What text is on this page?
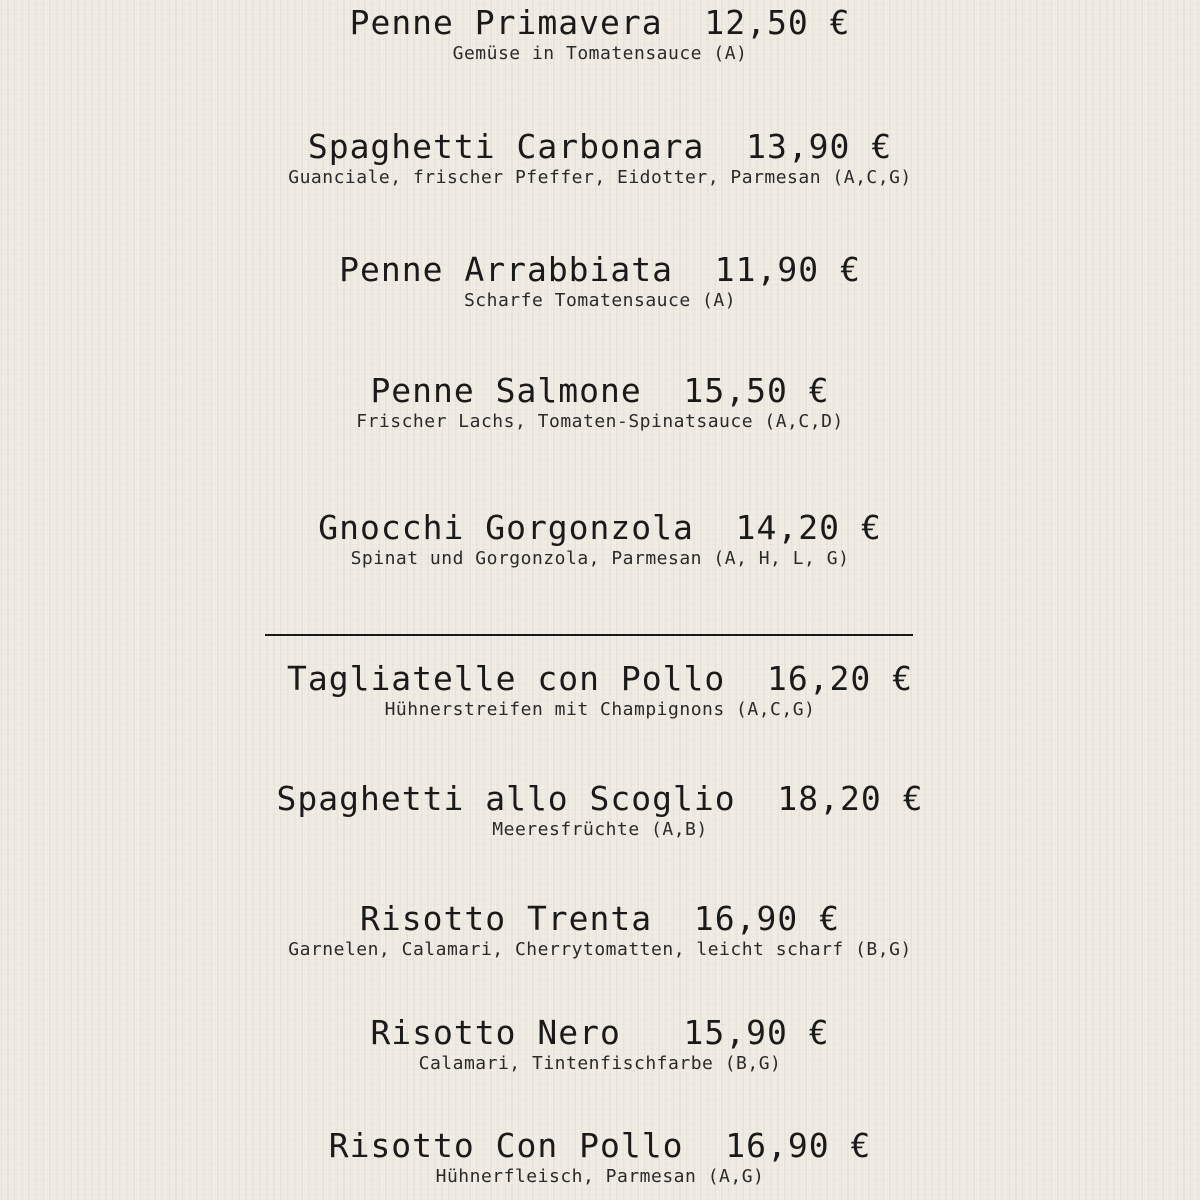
Penne Primavera 12,50 €
Gemüse in Tomatensauce (A)
Spaghetti Carbonara 13,90 €
Guanciale, frischer Pfeffer, Eidotter, Parmesan (A,C,G)
Penne Arrabbiata 11,90 €
Scharfe Tomatensauce (A)
Penne Salmone 15,50 €
Frischer Lachs, Tomaten-Spinatsauce (A,C,D)
Gnocchi Gorgonzola 14,20 €
Spinat und Gorgonzola, Parmesan (A, H, L, G)
Tagliatelle con Pollo 16,20 €
Hühnerstreifen mit Champignons (A,C,G)
Spaghetti allo Scoglio 18,20 €
Meeresfrüchte (A,B)
Risotto Trenta 16,90 €
Garnelen, Calamari, Cherrytomatten, leicht scharf (B,G)
Risotto Nero 15,90 €
Calamari, Tintenfischfarbe (B,G)
Risotto Con Pollo 16,90 €
Hühnerfleisch, Parmesan (A,G)
